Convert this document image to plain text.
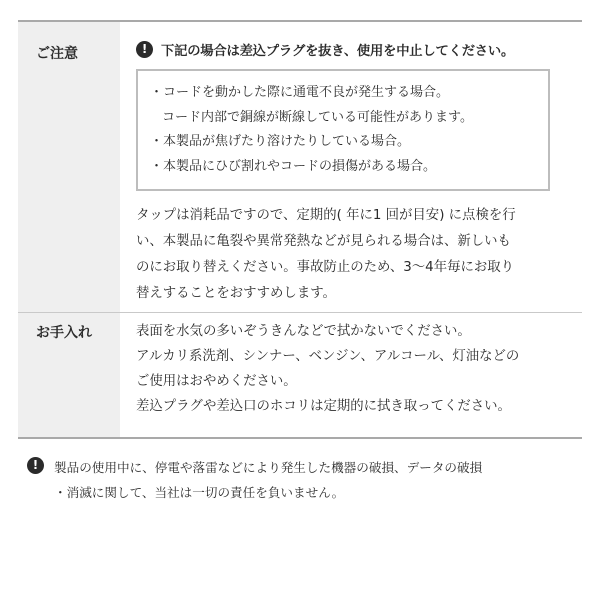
ご注意	!	下記の場合は差込プラグを抜き、使用を中止してください。
・コードを動かした際に通電不良が発生する場合。
コード内部で銅線が断線している可能性があります。
・本製品が焦げたり溶けたりしている場合。
・本製品にひび割れやコードの損傷がある場合。
タップは消耗品ですので、定期的( 年に1 回が目安) に点検を行
い、本製品に亀裂や異常発熱などが見られる場合は、新しいも
のにお取り替えください。事故防止のため、3～4年毎にお取り
替えすることをおすすめします。
お手入れ	表面を水気の多いぞうきんなどで拭かないでください。

アルカリ系洗剤、シンナー、ベンジン、アルコール、灯油などの

ご使用はおやめください。

差込プラグや差込口のホコリは定期的に拭き取ってください。

!	製品の使用中に、停電や落雷などにより発生した機器の破損、データの破損
・消滅に関して、当社は一切の責任を負いません。
